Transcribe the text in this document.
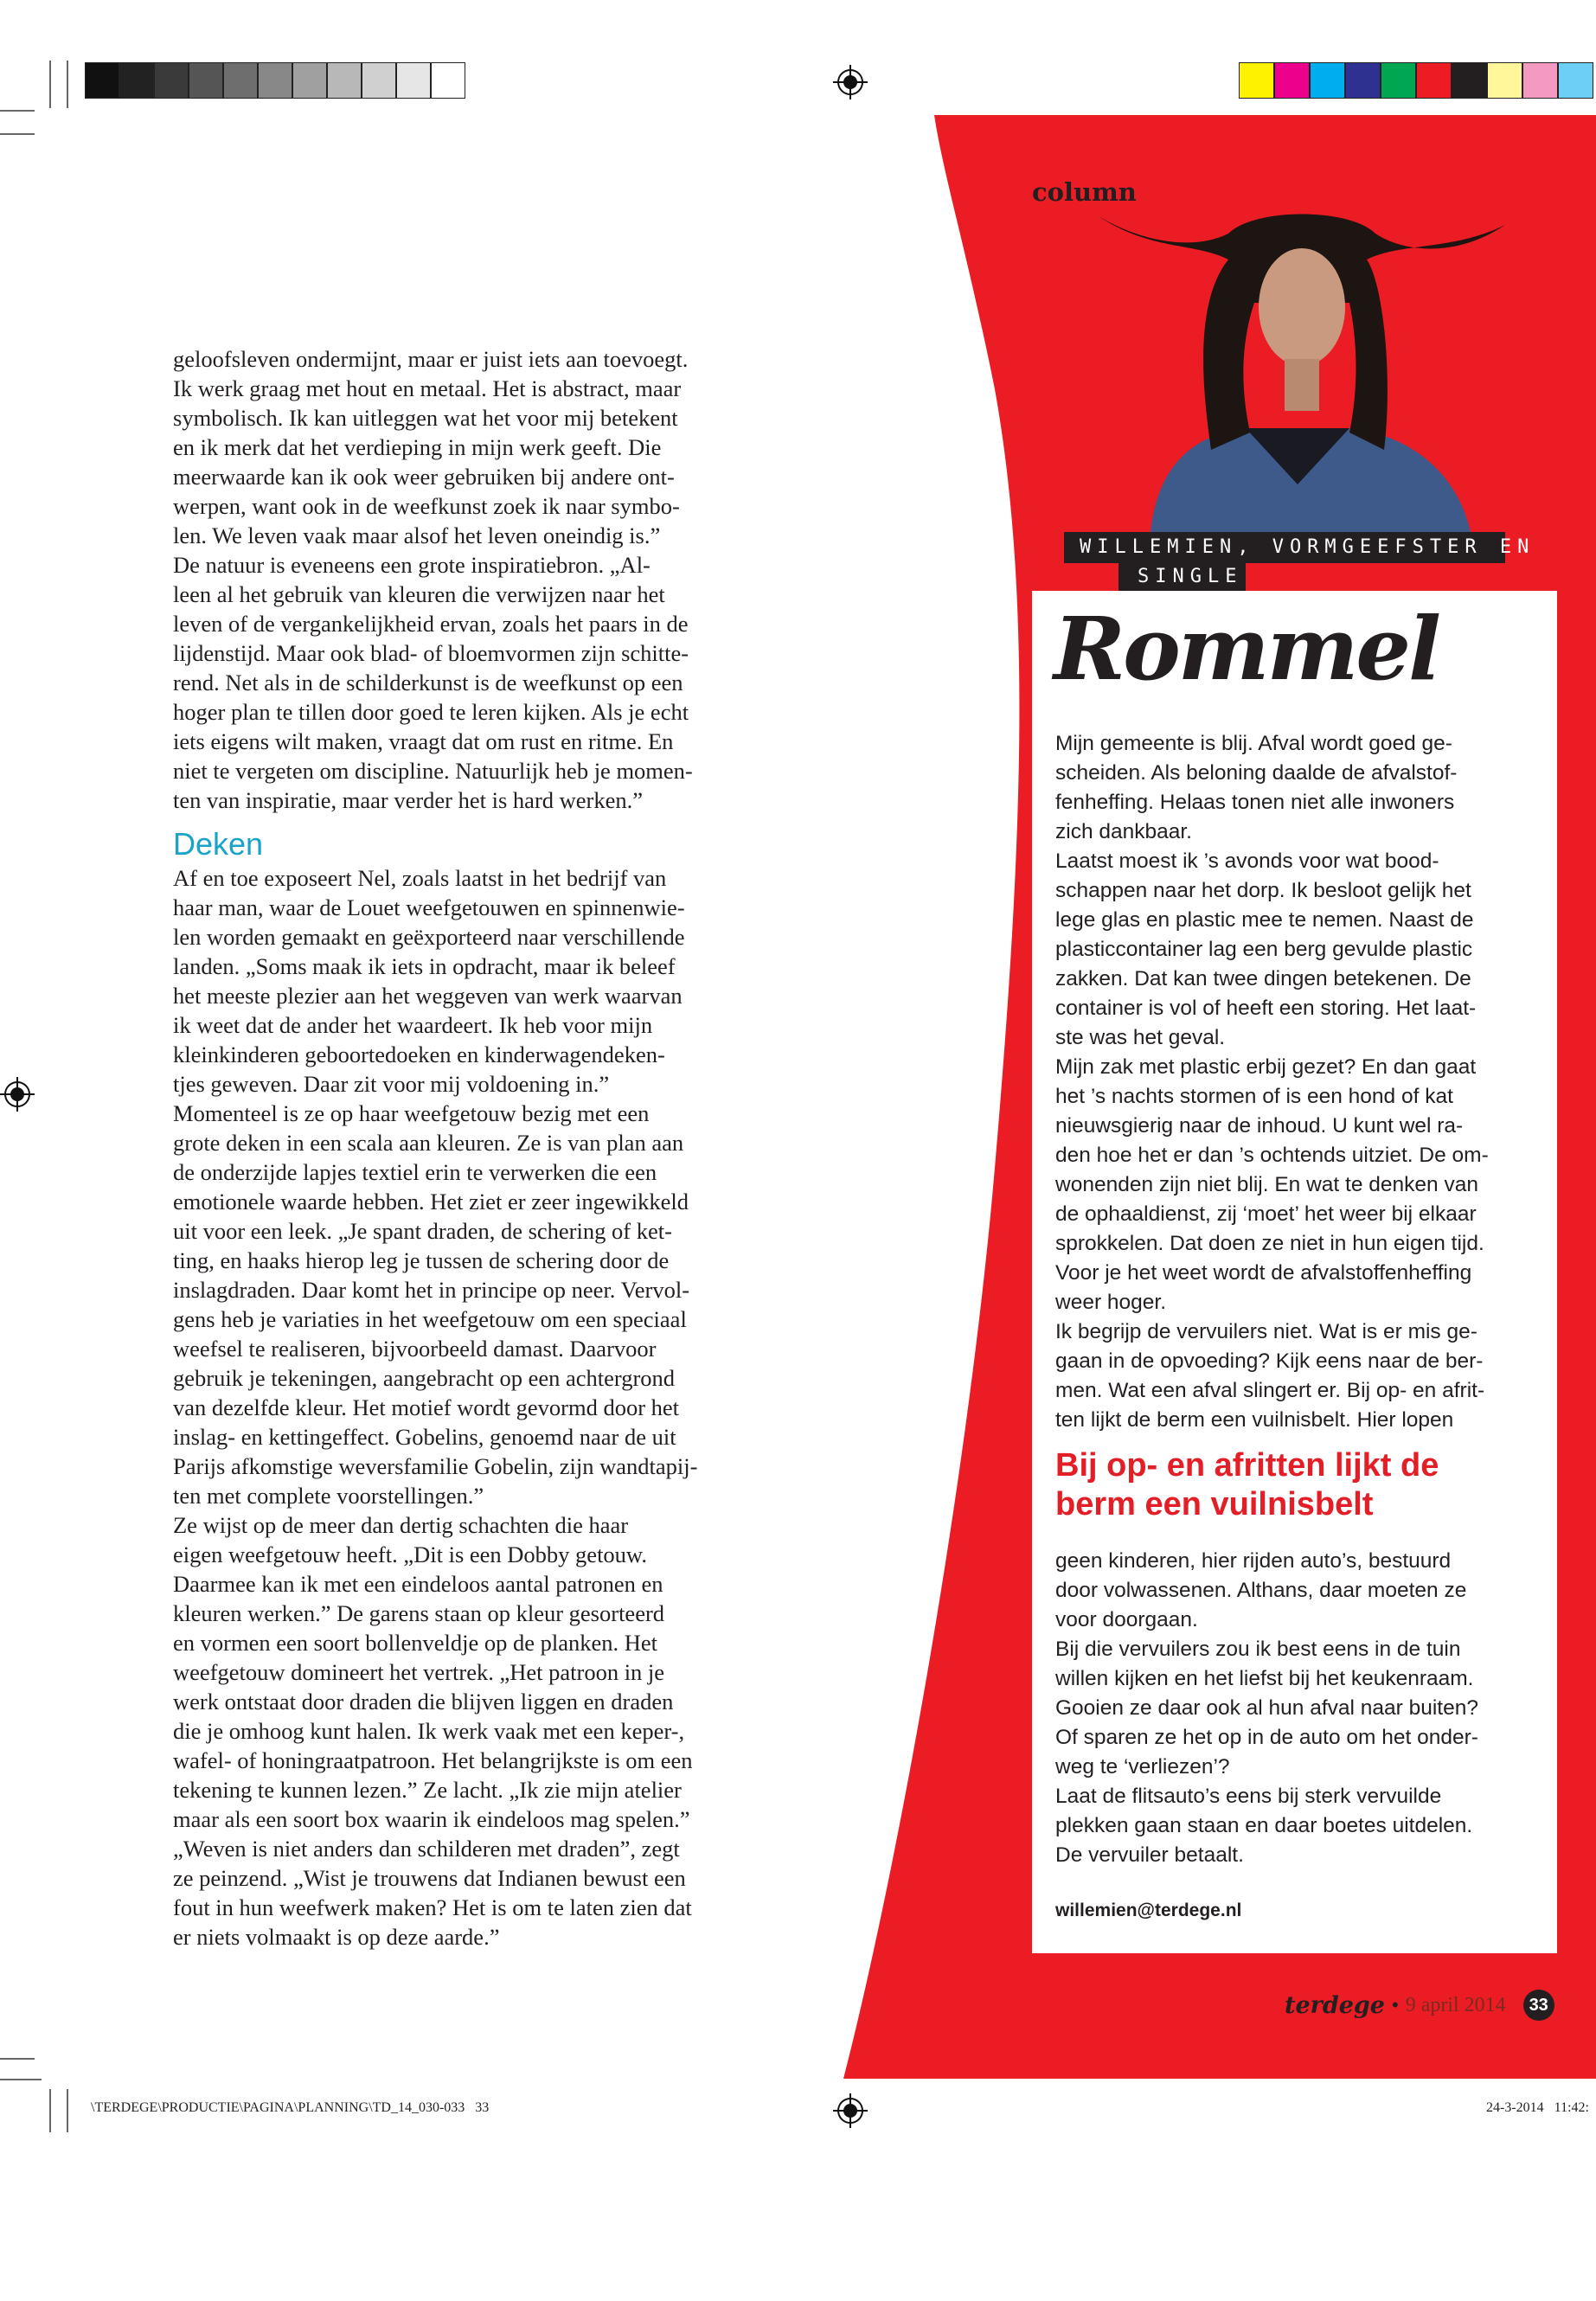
geloofsleven ondermijnt, maar er juist iets aan toevoegt.
Ik werk graag met hout en metaal. Het is abstract, maar
symbolisch. Ik kan uitleggen wat het voor mij betekent
en ik merk dat het verdieping in mijn werk geeft. Die
meerwaarde kan ik ook weer gebruiken bij andere ont-
werpen, want ook in de weefkunst zoek ik naar symbo-
len. We leven vaak maar alsof het leven oneindig is.”
De natuur is eveneens een grote inspiratiebron. „Al-
leen al het gebruik van kleuren die verwijzen naar het
leven of de vergankelijkheid ervan, zoals het paars in de
lijdenstijd. Maar ook blad- of bloemvormen zijn schitte-
rend. Net als in de schilderkunst is de weefkunst op een
hoger plan te tillen door goed te leren kijken. Als je echt
iets eigens wilt maken, vraagt dat om rust en ritme. En
niet te vergeten om discipline. Natuurlijk heb je momen-
ten van inspiratie, maar verder het is hard werken.”
Deken
Af en toe exposeert Nel, zoals laatst in het bedrijf van
haar man, waar de Louet weefgetouwen en spinnenwie-
len worden gemaakt en geëxporteerd naar verschillende
landen. „Soms maak ik iets in opdracht, maar ik beleef
het meeste plezier aan het weggeven van werk waarvan
ik weet dat de ander het waardeert. Ik heb voor mijn
kleinkinderen geboortedoeken en kinderwagendeken-
tjes geweven. Daar zit voor mij voldoening in.”
Momenteel is ze op haar weefgetouw bezig met een
grote deken in een scala aan kleuren. Ze is van plan aan
de onderzijde lapjes textiel erin te verwerken die een
emotionele waarde hebben. Het ziet er zeer ingewikkeld
uit voor een leek. „Je spant draden, de schering of ket-
ting, en haaks hierop leg je tussen de schering door de
inslagdraden. Daar komt het in principe op neer. Vervol-
gens heb je variaties in het weefgetouw om een speciaal
weefsel te realiseren, bijvoorbeeld damast. Daarvoor
gebruik je tekeningen, aangebracht op een achtergrond
van dezelfde kleur. Het motief wordt gevormd door het
inslag- en kettingeffect. Gobelins, genoemd naar de uit
Parijs afkomstige weversfamilie Gobelin, zijn wandtapij-
ten met complete voorstellingen.”
Ze wijst op de meer dan dertig schachten die haar
eigen weefgetouw heeft. „Dit is een Dobby getouw.
Daarmee kan ik met een eindeloos aantal patronen en
kleuren werken.” De garens staan op kleur gesorteerd
en vormen een soort bollenveldje op de planken. Het
weefgetouw domineert het vertrek. „Het patroon in je
werk ontstaat door draden die blijven liggen en draden
die je omhoog kunt halen. Ik werk vaak met een keper-,
wafel- of honingraatpatroon. Het belangrijkste is om een
tekening te kunnen lezen.” Ze lacht. „Ik zie mijn atelier
maar als een soort box waarin ik eindeloos mag spelen.”
„Weven is niet anders dan schilderen met draden”, zegt
ze peinzend. „Wist je trouwens dat Indianen bewust een
fout in hun weefwerk maken? Het is om te laten zien dat
er niets volmaakt is op deze aarde.”
column
WILLEMIEN, VORMGEEFSTER EN
SINGLE
Rommel
Mijn gemeente is blij. Afval wordt goed ge-
scheiden. Als beloning daalde de afvalstof-
fenheffing. Helaas tonen niet alle inwoners
zich dankbaar.
Laatst moest ik ’s avonds voor wat bood-
schappen naar het dorp. Ik besloot gelijk het
lege glas en plastic mee te nemen. Naast de
plasticcontainer lag een berg gevulde plastic
zakken. Dat kan twee dingen betekenen. De
container is vol of heeft een storing. Het laat-
ste was het geval.
Mijn zak met plastic erbij gezet? En dan gaat
het ’s nachts stormen of is een hond of kat
nieuwsgierig naar de inhoud. U kunt wel ra-
den hoe het er dan ’s ochtends uitziet. De om-
wonenden zijn niet blij. En wat te denken van
de ophaaldienst, zij ‘moet’ het weer bij elkaar
sprokkelen. Dat doen ze niet in hun eigen tijd.
Voor je het weet wordt de afvalstoffenheffing
weer hoger.
Ik begrijp de vervuilers niet. Wat is er mis ge-
gaan in de opvoeding? Kijk eens naar de ber-
men. Wat een afval slingert er. Bij op- en afrit-
ten lijkt de berm een vuilnisbelt. Hier lopen
Bij op- en afritten lijkt de
berm een vuilnisbelt
geen kinderen, hier rijden auto’s, bestuurd
door volwassenen. Althans, daar moeten ze
voor doorgaan.
Bij die vervuilers zou ik best eens in de tuin
willen kijken en het liefst bij het keukenraam.
Gooien ze daar ook al hun afval naar buiten?
Of sparen ze het op in de auto om het onder-
weg te ‘verliezen’?
Laat de flitsauto’s eens bij sterk vervuilde
plekken gaan staan en daar boetes uitdelen.
De vervuiler betaalt.
willemien@terdege.nl
terdege • 9 april 2014	33
\TERDEGE\PRODUCTIE\PAGINA\PLANNING\TD_14_030-033   33	24-3-2014   11:42:
